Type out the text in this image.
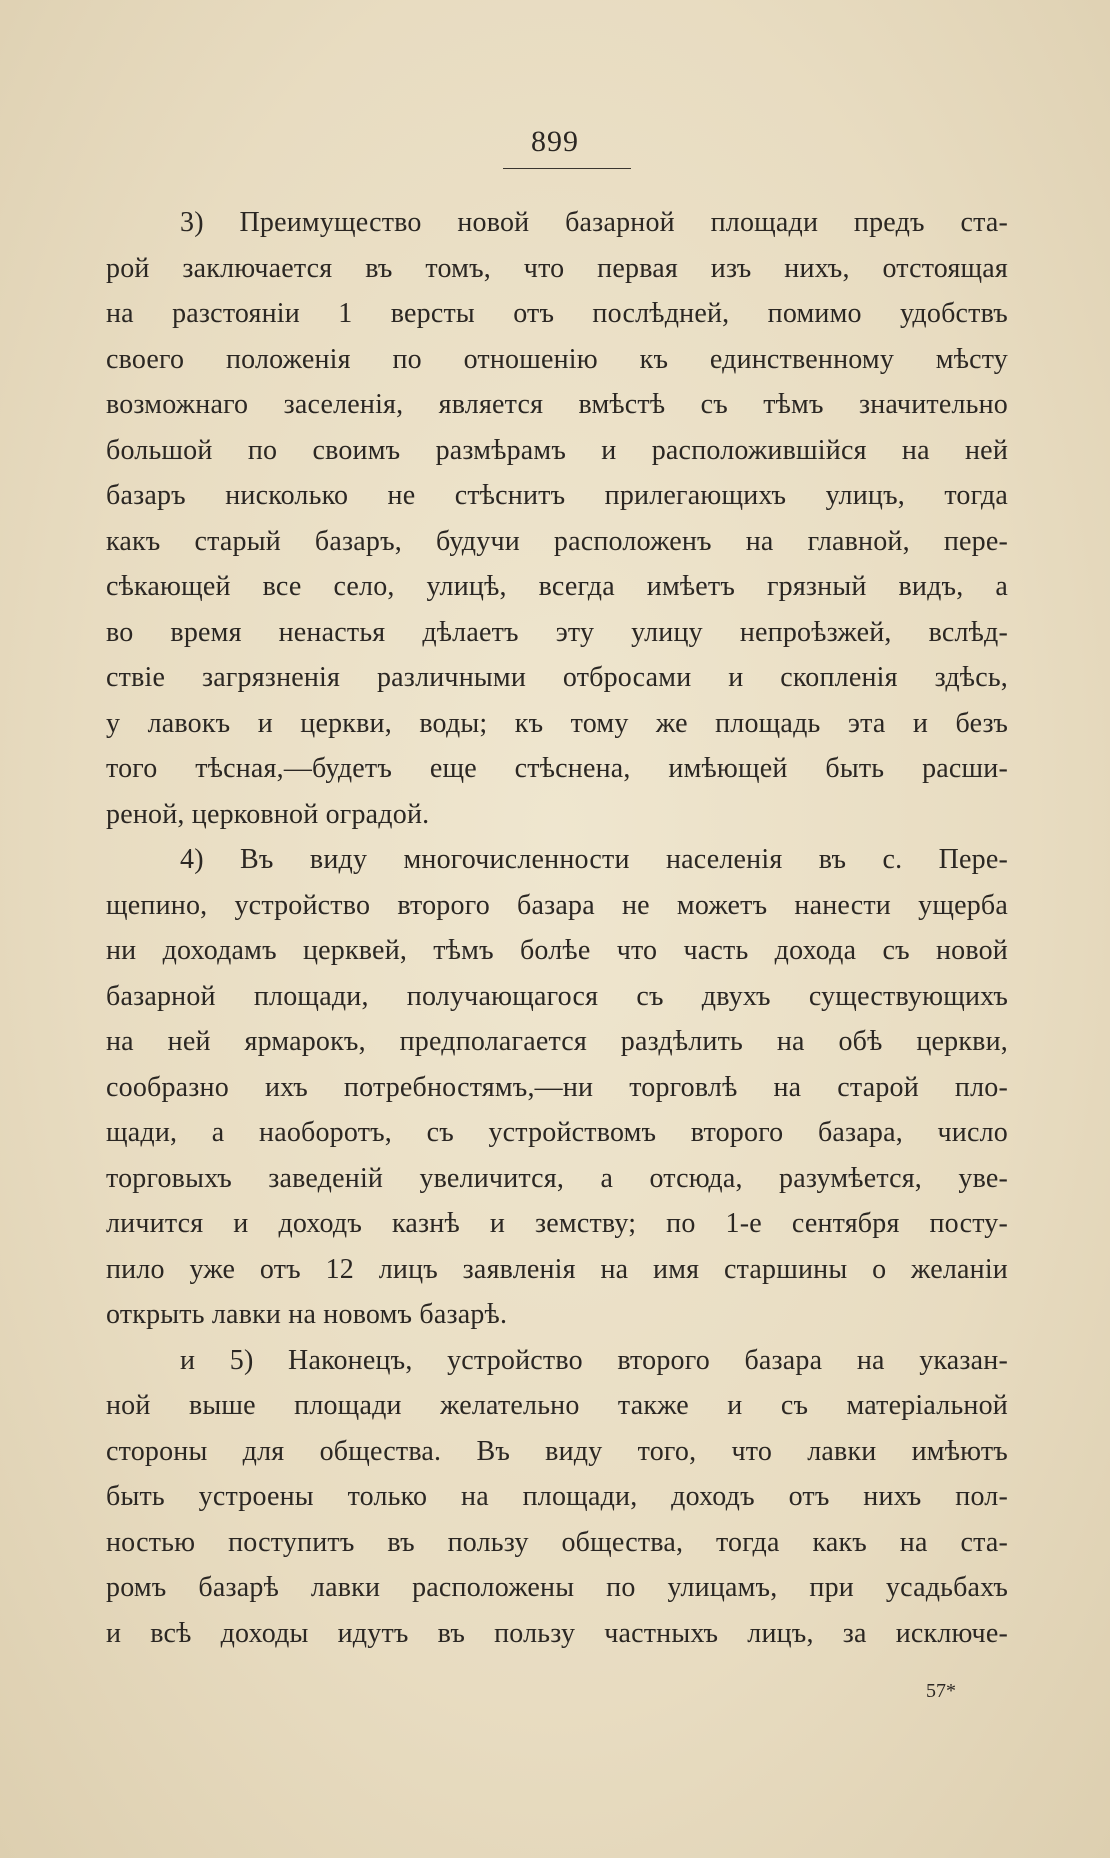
899
3) Преимущество новой базарной площади предъ ста-
рой заключается въ томъ, что первая изъ нихъ, отстоящая
на разстояніи 1 версты отъ послѣдней, помимо удобствъ
своего положенія по отношенію къ единственному мѣсту
возможнаго заселенія, является вмѣстѣ съ тѣмъ значительно
большой по своимъ размѣрамъ и расположившійся на ней
базаръ нисколько не стѣснитъ прилегающихъ улицъ, тогда
какъ старый базаръ, будучи расположенъ на главной, пере-
сѣкающей все село, улицѣ, всегда имѣетъ грязный видъ, а
во время ненастья дѣлаетъ эту улицу непроѣзжей, вслѣд-
ствіе загрязненія различными отбросами и скопленія здѣсь,
у лавокъ и церкви, воды; къ тому же площадь эта и безъ
того тѣсная,—будетъ еще стѣснена, имѣющей быть расши-
реной, церковной оградой.
4) Въ виду многочисленности населенія въ с. Пере-
щепино, устройство второго базара не можетъ нанести ущерба
ни доходамъ церквей, тѣмъ болѣе что часть дохода съ новой
базарной площади, получающагося съ двухъ существующихъ
на ней ярмарокъ, предполагается раздѣлить на обѣ церкви,
сообразно ихъ потребностямъ,—ни торговлѣ на старой пло-
щади, а наоборотъ, съ устройствомъ второго базара, число
торговыхъ заведеній увеличится, а отсюда, разумѣется, уве-
личится и доходъ казнѣ и земству; по 1-е сентября посту-
пило уже отъ 12 лицъ заявленія на имя старшины о желаніи
открыть лавки на новомъ базарѣ.
и 5) Наконецъ, устройство второго базара на указан-
ной выше площади желательно также и съ матеріальной
стороны для общества. Въ виду того, что лавки имѣютъ
быть устроены только на площади, доходъ отъ нихъ пол-
ностью поступитъ въ пользу общества, тогда какъ на ста-
ромъ базарѣ лавки расположены по улицамъ, при усадьбахъ
и всѣ доходы идутъ въ пользу частныхъ лицъ, за исключе-
57*
